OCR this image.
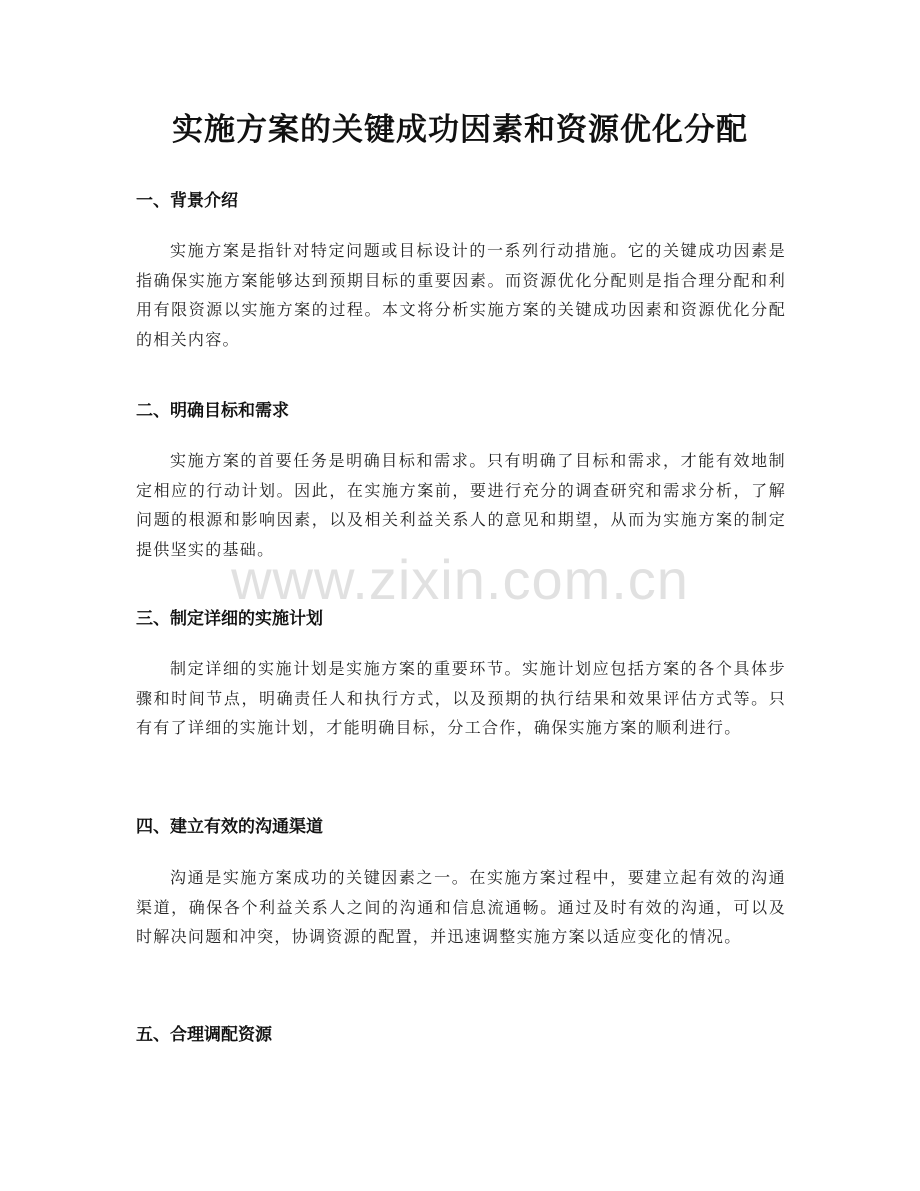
实施方案的关键成功因素和资源优化分配
一、背景介绍

实施方案是指针对特定问题或目标设计的一系列行动措施。它的关键成功因素是指确保实施方案能够达到预期目标的重要因素。而资源优化分配则是指合理分配和利用有限资源以实施方案的过程。本文将分析实施方案的关键成功因素和资源优化分配的相关内容。

二、明确目标和需求

实施方案的首要任务是明确目标和需求。只有明确了目标和需求，才能有效地制定相应的行动计划。因此，在实施方案前，要进行充分的调查研究和需求分析，了解问题的根源和影响因素，以及相关利益关系人的意见和期望，从而为实施方案的制定提供坚实的基础。

三、制定详细的实施计划

制定详细的实施计划是实施方案的重要环节。实施计划应包括方案的各个具体步骤和时间节点，明确责任人和执行方式，以及预期的执行结果和效果评估方式等。只有有了详细的实施计划，才能明确目标，分工合作，确保实施方案的顺利进行。

四、建立有效的沟通渠道

沟通是实施方案成功的关键因素之一。在实施方案过程中，要建立起有效的沟通渠道，确保各个利益关系人之间的沟通和信息流通畅。通过及时有效的沟通，可以及时解决问题和冲突，协调资源的配置，并迅速调整实施方案以适应变化的情况。

五、合理调配资源
www.zixin.com.cn
